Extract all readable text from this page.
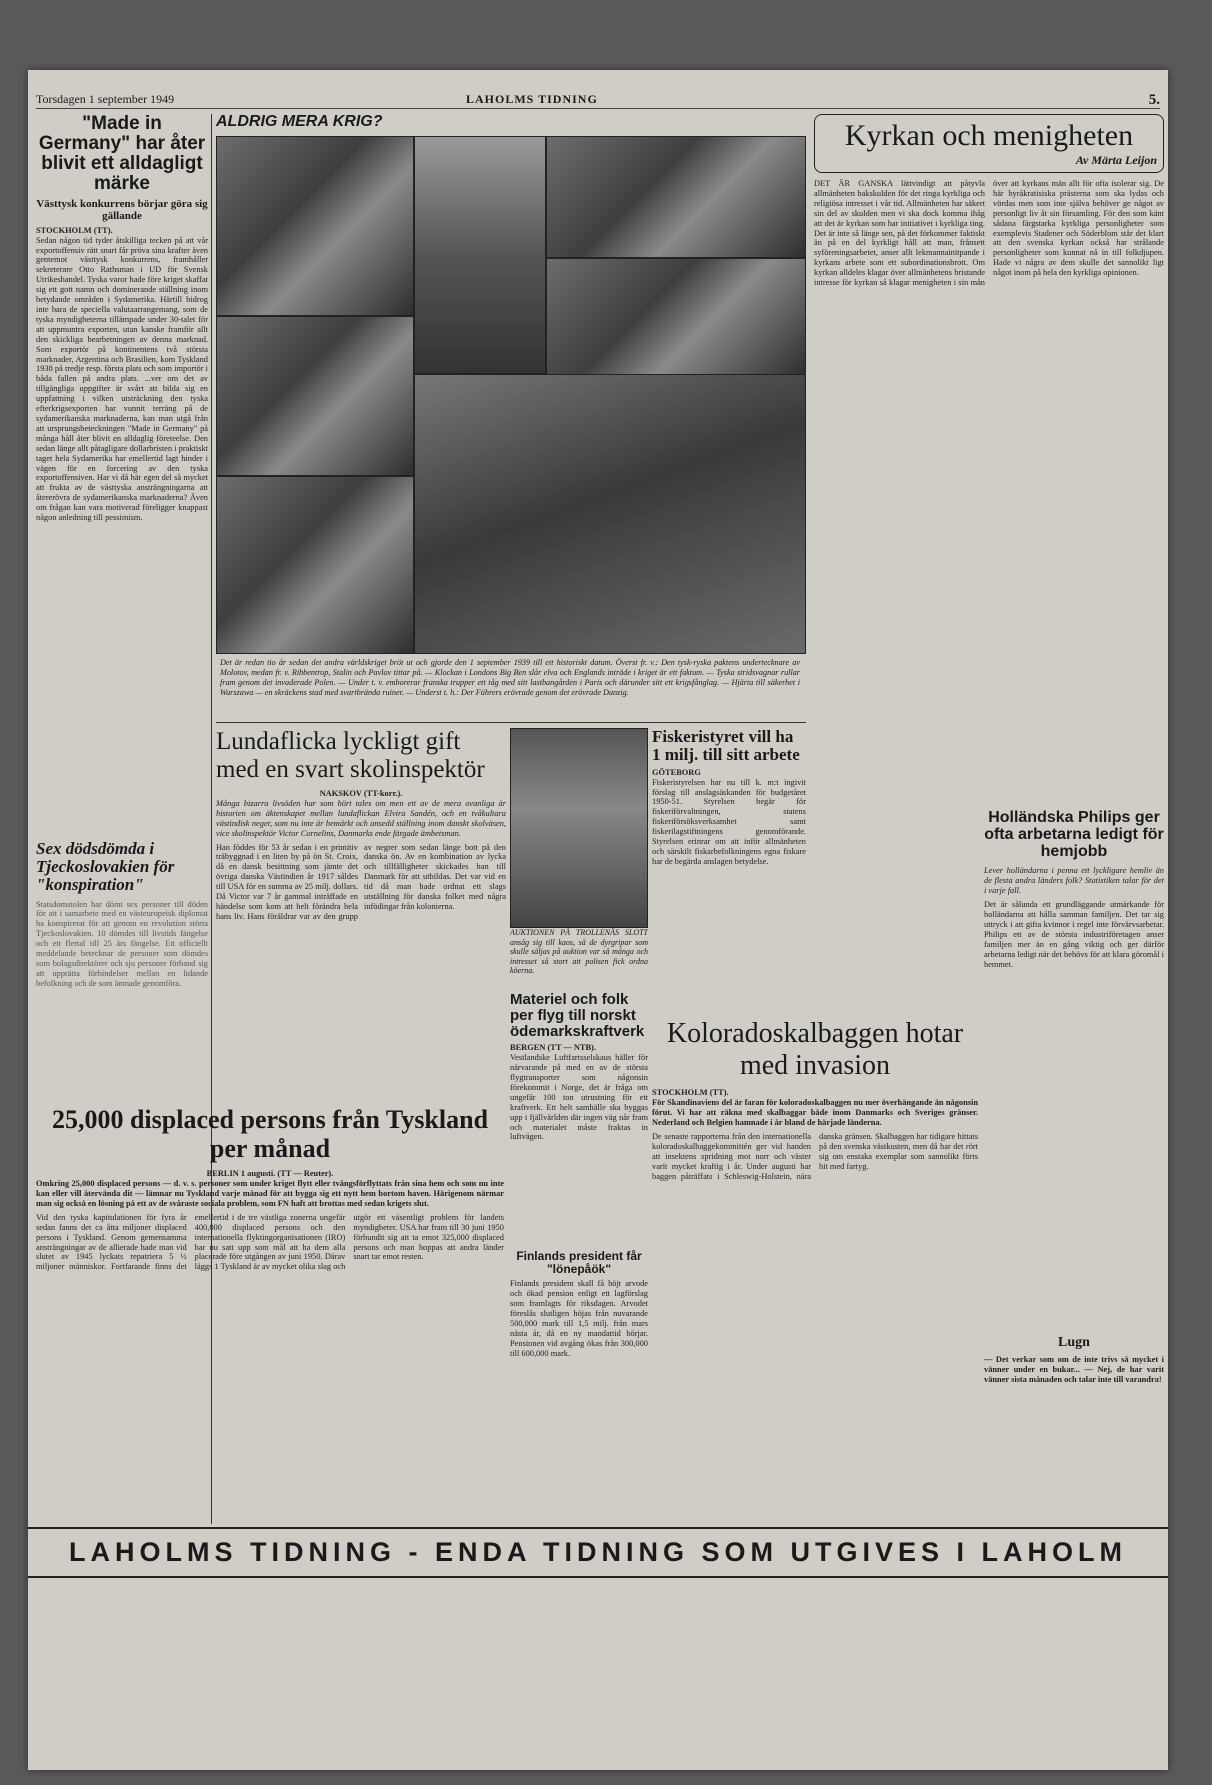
Torsdagen 1 september 1949	LAHOLMS TIDNING	5.
"Made in Germany" har åter blivit ett alldagligt märke
Västtysk konkurrens börjar göra sig gällande
STOCKHOLM (TT).
Sedan någon tid tyder åtskilliga tecken på att vår exportoffensiv rätt snart får pröva sina krafter även gentemot västtysk konkurrens, framhåller sekreterare Otto Rathsman i UD för Svensk Utrikeshandel. Tyska varor hade före kriget skaffat sig ett gott namn och dominerande ställning inom betydande områden i Sydamerika. Härtill bidrog inte bara de speciella valutaarrangemang, som de tyska myndigheterna tillämpade under 30-talet för att uppmuntra exporten, utan kanske framför allt den skickliga bearbetningen av denna marknad. Som exportör på kontinentens två största marknader, Argentina och Brasilien, kom Tyskland 1938 på tredje resp. första plats och som importör i båda fallen på andra plats. ...ver om det av tillgängliga uppgifter är svårt att bilda sig en uppfattning i vilken utsträckning den tyska efterkrigsexporten har vunnit terräng på de sydamerikanska marknaderna, kan man utgå från att ursprungsbeteckningen "Made in Germany" på många håll åter blivit en alldaglig företeelse. Den sedan länge allt påtagligare dollarbristen i praktiskt taget hela Sydamerika har emellertid lagt hinder i vägen för en forcering av den tyska exportoffensiven. Har vi då här egen del så mycket att frukta av de västtyska ansträngningarna att återerövra de sydamerikanska marknaderna? Även om frågan kan vara motiverad föreligger knappast någon anledning till pessimism.
Sex dödsdömda i Tjeckoslovakien för "konspiration"
Statsdomstolen har dömt sex personer till döden för att i samarbete med en västeuropeisk diplomat ha konspirerat för att genom en revolution störta Tjeckoslovakien. 10 dömdes till livstids fängelse och ett flertal till 25 års fängelse. Ett officiellt meddelande betecknar de personer som dömdes som bolagsdirektörer och sju personer förband sig att upprätta förbindelser mellan en lidande befolkning och de som ämnade genomföra.
ALDRIG MERA KRIG?
Det är redan tio år sedan det andra världskriget bröt ut och gjorde den 1 september 1939 till ett historiskt datum. Överst fr. v.: Den tysk-ryska paktens undertecknare av Molotov, medan fr. v. Ribbentrop, Stalin och Pavlov tittar på. — Klockan i Londons Big Ben slår elva och Englands inträde i kriget är ett faktum. — Tyska stridsvagnar rullar fram genom det invaderade Polen. — Under t. v. emborerar franska trupper ett tåg med sitt lastbangården i Paris och därunder sitt ett krigsfånglag. — Hjärta till säkerhet i Warszawa — en skräckens stad med svartbrända ruiner. — Underst t. h.: Der Führers erövrade genom det erövrade Danzig.
Kyrkan och menigheten
Av Märta Leijon
DET ÄR GANSKA lättvindigt att påtyvla allmänheten bakskulden för det ringa kyrkliga och religiösa intresset i vår tid. Allmänheten har säkert sin del av skulden men vi ska dock komma ihåg att det är kyrkan som har initiativet i kyrkliga ting. Det är inte så länge sen, på det förkommer faktiskt än på en del kyrkligt håll att man, frånsett syföreningsarbetet, anser allt lekmannainitpande i kyrkans arbete som ett subordinationsbrott. Om kyrkan alldeles klagar över allmänhetens bristande intresse för kyrkan så klagar menigheten i sin mån över att kyrkans män allt för ofta isolerar sig. De här byråkratisiska prästerna som ska lydas och vördas men som inte själva behöver ge något av personligt liv åt sin församling. För den som känt sådana färgstarka kyrkliga personligheter som exemplevis Stadener och Söderblom står det klart att den svenska kyrkan också har strålande personligheter som kunnat nå in till folkdjupen. Hade vi några av dem skulle det sannolikt ligt något inom på hela den kyrkliga opinionen.
Lundaflicka lyckligt gift med en svart skolinspektör
NAKSKOV (TT-korr.).
Många bizarra livsöden har som hört tales om men ett av de mera ovanliga är historien om äktenskapet mellan lundaflickan Elvira Sandén, och en tvåkultara västindisk neger, som nu inte är bemärkt och ansedd ställning inom danskt skolväsen, vice skolinspektör Victor Cornelins, Danmarks ende färgade ämbetsman.
Han föddes för 53 år sedan i en primitiv träbyggnad i en liten by på ön St. Croix, då en dansk besittning som jämte det övriga danska Västindien år 1917 såldes till USA för en summa av 25 milj. dollars. Då Victor var 7 år gammal inträffade en händelse som kom att helt förändra hela hans liv. Hans föräldrar var av den grupp av negrer som sedan länge bott på den danska ön. Av en kombination av lycka och tillfälligheter skickades han till Danmark för att utbildas. Det var vid en tid då man hade ordnat ett slags utställning för danska folket med några infödingar från kolonierna.
AUKTIONEN PÅ TROLLENÄS SLOTT ansåg sig till kaos, så de dyrgripar som skulle säljas på auktion var så många och intresset så stort att polisen fick ordna köerna.
Fiskeristyret vill ha 1 milj. till sitt arbete
GÖTEBORG
Fiskeristyrelsen har nu till k. m:t ingivit förslag till anslagsäskanden för budgetåret 1950-51. Styrelsen begär för fiskeriförvaltningen, statens fiskeriförsöksverksamhet samt fiskerilagstiftningens genomförande. Styrelsen erinrar om att inför allmänheten och särskilt fiskarbefolkningens egna fiskare har de begärda anslagen betydelse.
Materiel och folk per flyg till norskt ödemarkskraftverk
BERGEN (TT — NTB).
Vestlandske Luftfartsselskaus häller för närvarande på med en av de största flygtransporter som någonsin förekommit i Norge, det är fråga om ungefär 100 ton utrustning för ett kraftverk. Ett helt samhälle ska byggas upp i fjällvärlden där ingen väg når fram och materialet måste fraktas in luftvägen.
25,000 displaced persons från Tyskland per månad
BERLIN 1 augusti. (TT — Reuter).
Omkring 25,000 displaced persons — d. v. s. personer som under kriget flytt eller tvångsförflyttats från sina hem och som nu inte kan eller vill återvända dit — lämnar nu Tyskland varje månad för att bygga sig ett nytt hem bortom haven. Härigenom närmar man sig också en lösning på ett av de svåraste sociala problem, som FN haft att brottas med sedan krigets slut.
Vid den tyska kapitulationen för fyra år sedan fanns det ca åtta miljoner displaced persons i Tyskland. Genom gemensamma ansträngningar av de allierade hade man vid slutet av 1945 lyckats repatriera 5 ½ miljoner människor. Fortfarande finns det emellertid i de tre västliga zonerna ungefär 400,000 displaced persons och den internationella flyktingorganisationen (IRO) har nu satt upp som mål att ha dem alla placerade före utgången av juni 1950. Därav läggs 1 Tyskland är av mycket olika slag och utgör ett väsentligt problem för landets myndigheter. USA har fram till 30 juni 1950 förbundit sig att ta emot 325,000 displaced persons och man hoppas att andra länder snart tar emot resten.	Finlands president får "lönepåök"
Finlands president skall få höjt arvode och ökad pension enligt ett lagförslag som framlagts för riksdagen. Arvodet föreslås slutligen höjas från nuvarande 500,000 mark till 1,5 milj. från mars nästa år, då en ny mandattid börjar. Pensionen vid avgång ökas från 300,000 till 600,000 mark.
Koloradoskalbaggen hotar med invasion
STOCKHOLM (TT).
För Skandinaviens del är faran för koloradoskalbaggen nu mer överhängande än någonsin förut. Vi har att räkna med skalbaggar både inom Danmarks och Sveriges gränser. Nederland och Belgien hamnade i år bland de härjade länderna.
De senaste rapporterna från den internationella koloradoskalbaggekommittén ger vid handen att insektens spridning mot norr och väster varit mycket kraftig i år. Under augusti har baggen påträffats i Schleswig-Holstein, nära danska gränsen. Skalbaggen har tidigare hittats på den svenska västkusten, men då har det rört sig om enstaka exemplar som sannolikt förts hit med fartyg.
Holländska Philips ger ofta arbetarna ledigt för hemjobb
Lever holländarna i penna ett lyckligare hemliv än de flesta andra länders folk? Statistiken talar för det i varje fall.
Det är sålunda ett grundläggande utmärkande för holländarna att hålla samman familjen. Det tar sig uttryck i att gifta kvinnor i regel inte förvärvsarbetar. Philips ett av de största industriföretagen anser familjen mer än en gång viktig och ger därför arbetarna ledigt när det behövs för att klara göromål i hemmet.
Lugn
— Det verkar som om de inte trivs så mycket i vänner under en bukar... — Nej, de har varit vänner sista månaden och talar inte till varandra!
LAHOLMS TIDNING - ENDA TIDNING SOM UTGIVES I LAHOLM
